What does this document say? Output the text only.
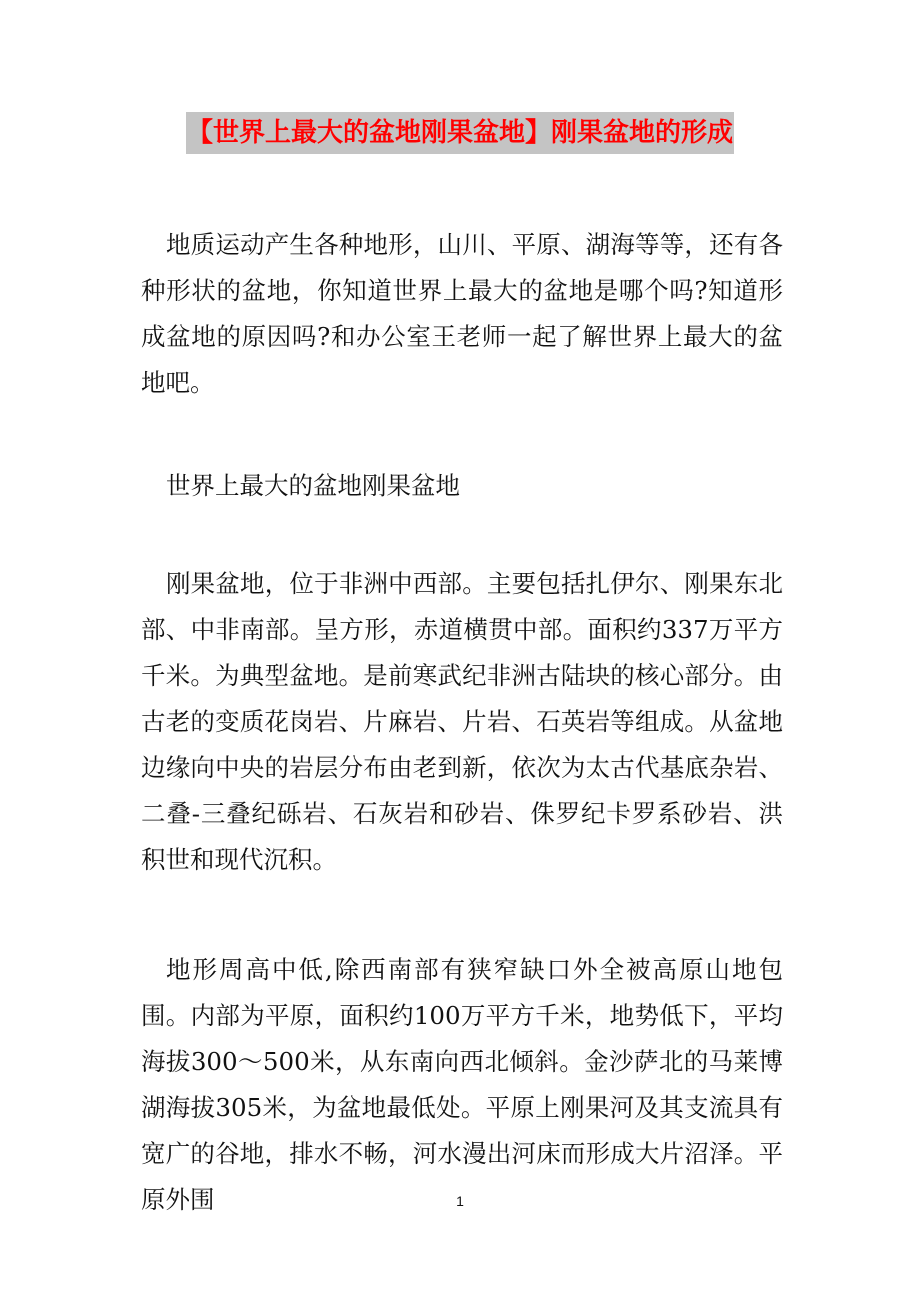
【世界上最大的盆地刚果盆地】刚果盆地的形成

地质运动产生各种地形，山川、平原、湖海等等，还有各种形状的盆地，你知道世界上最大的盆地是哪个吗?知道形成盆地的原因吗?和办公室王老师一起了解世界上最大的盆地吧。

世界上最大的盆地刚果盆地

刚果盆地，位于非洲中西部。主要包括扎伊尔、刚果东北部、中非南部。呈方形，赤道横贯中部。面积约337万平方千米。为典型盆地。是前寒武纪非洲古陆块的核心部分。由古老的变质花岗岩、片麻岩、片岩、石英岩等组成。从盆地边缘向中央的岩层分布由老到新，依次为太古代基底杂岩、二叠-三叠纪砾岩、石灰岩和砂岩、侏罗纪卡罗系砂岩、洪积世和现代沉积。

地形周高中低,除西南部有狭窄缺口外全被高原山地包围。内部为平原，面积约100万平方千米，地势低下，平均海拔300～500米，从东南向西北倾斜。金沙萨北的马莱博湖海拔305米，为盆地最低处。平原上刚果河及其支流具有宽广的谷地，排水不畅，河水漫出河床而形成大片沼泽。平原外围	1
